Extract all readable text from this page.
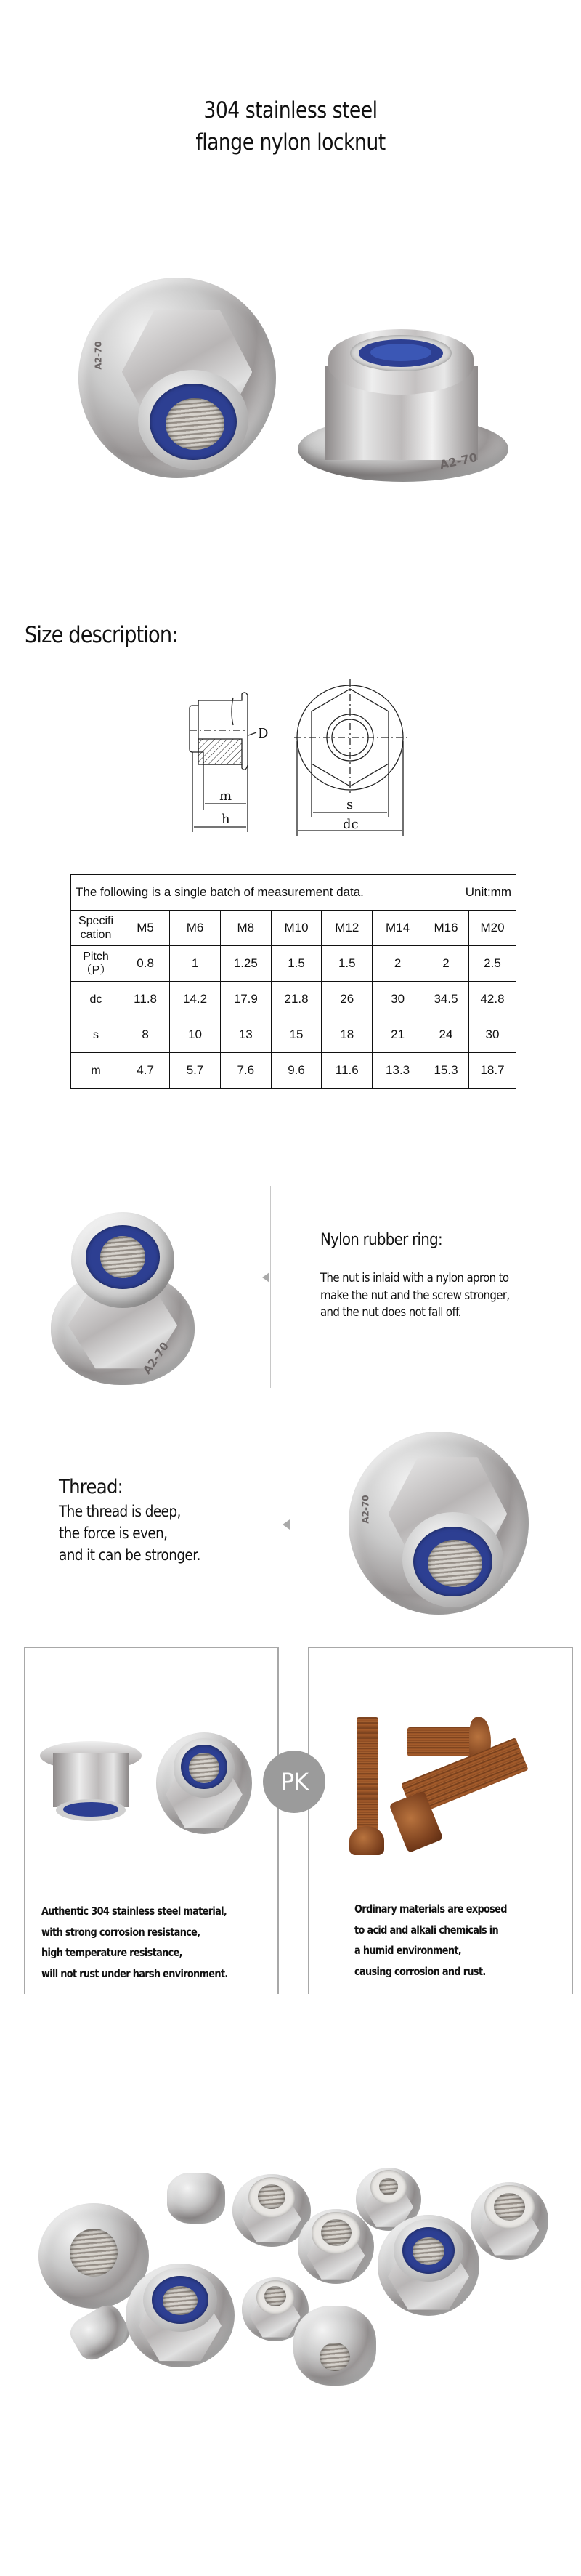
304 stainless steel
flange nylon locknut
A2-70
A2-70
Size description:
D
m
h
s
dc
The following is a single batch of measurement data. Unit:mm								

Specifi
cation	M5	M6	M8	M10	M12	M14	M16	M20

Pitch
（P）	0.8	1	1.25	1.5	1.5	2	2	2.5
dc	11.8	14.2	17.9	21.8	26	30	34.5	42.8
s	8	10	13	15	18	21	24	30
m	4.7	5.7	7.6	9.6	11.6	13.3	15.3	18.7
A2-70
Nylon rubber ring:
The nut is inlaid with a nylon apron to
make the nut and the screw stronger,
and the nut does not fall off.
Thread:
The thread is deep,
the force is even,
and it can be stronger.
A2-70
Authentic 304 stainless steel material,
with strong corrosion resistance,
high temperature resistance,
will not rust under harsh environment.
Ordinary materials are exposed
to acid and alkali chemicals in
a humid environment,
causing corrosion and rust.
PK
